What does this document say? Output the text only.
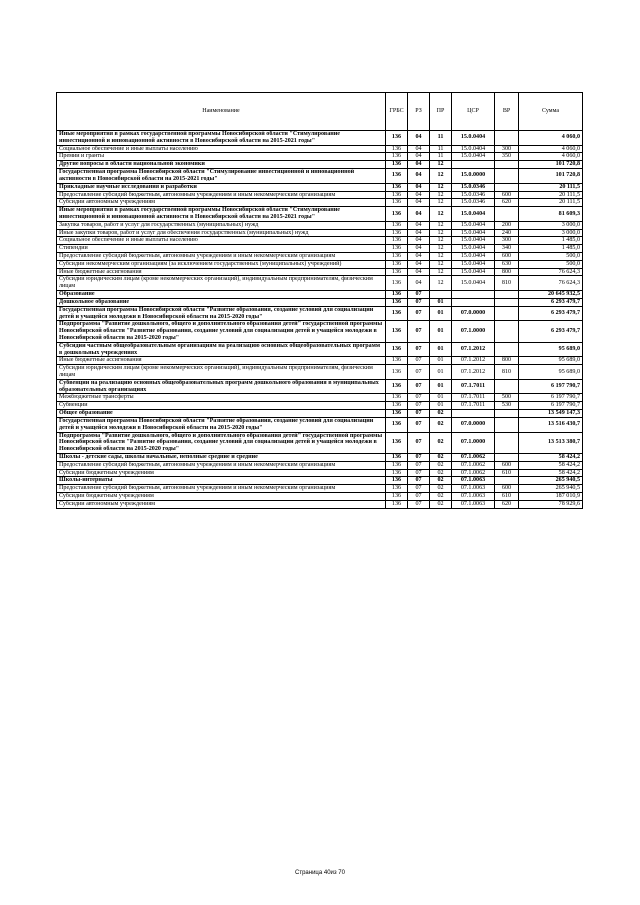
Наименование	ГРБС	РЗ	ПР	ЦСР	ВР	Сумма
Иные мероприятия в рамках государственной программы Новосибирской области "Стимулирование инвестиционной и инновационной активности в Новосибирской области на 2015-2021 годы"	136	04	11	15.0.0404		4 060,0
Социальное обеспечение и иные выплаты населению	136	04	11	15.0.0404	300	4 060,0
Премии и гранты	136	04	11	15.0.0404	350	4 060,0
Другие вопросы в области национальной экономики	136	04	12			101 720,8
Государственная программа Новосибирской области "Стимулирование инвестиционной и инновационной активности в Новосибирской области на 2015-2021 годы"	136	04	12	15.0.0000		101 720,8
Прикладные научные исследования и разработки	136	04	12	15.0.0346		20 111,5
Предоставление субсидий бюджетным, автономным учреждениям и иным некоммерческим организациям	136	04	12	15.0.0346	600	20 111,5
Субсидии автономным учреждениям	136	04	12	15.0.0346	620	20 111,5
Иные мероприятия в рамках государственной программы Новосибирской области "Стимулирование инвестиционной и инновационной активности в Новосибирской области на 2015-2021 годы"	136	04	12	15.0.0404		81 609,3
Закупка товаров, работ и услуг для государственных (муниципальных) нужд	136	04	12	15.0.0404	200	3 000,0
Иные закупки товаров, работ и услуг для обеспечения государственных (муниципальных) нужд	136	04	12	15.0.0404	240	3 000,0
Социальное обеспечение и иные выплаты населению	136	04	12	15.0.0404	300	1 485,0
Стипендии	136	04	12	15.0.0404	340	1 485,0
Предоставление субсидий бюджетным, автономным учреждениям и иным некоммерческим организациям	136	04	12	15.0.0404	600	500,0
Субсидии некоммерческим организациям (за исключением государственных (муниципальных) учреждений)	136	04	12	15.0.0404	630	500,0
Иные бюджетные ассигнования	136	04	12	15.0.0404	800	76 624,3
Субсидии юридическим лицам (кроме некоммерческих организаций), индивидуальным предпринимателям, физическим лицам	136	04	12	15.0.0404	810	76 624,3
Образование	136	07				20 645 932,5
Дошкольное образование	136	07	01			6 293 479,7
Государственная программа Новосибирской области "Развитие образования, создание условий для социализации детей и учащейся молодежи в Новосибирской области на 2015-2020 годы"	136	07	01	07.0.0000		6 293 479,7
Подпрограмма "Развитие дошкольного, общего и дополнительного образования детей" государственной программы Новосибирской области "Развитие образования, создание условий для социализации детей и учащейся молодежи в Новосибирской области на 2015-2020 годы"	136	07	01	07.1.0000		6 293 479,7
Субсидии частным общеобразовательным организациям на реализацию основных общеобразовательных программ в дошкольных учреждениях	136	07	01	07.1.2012		95 689,0
Иные бюджетные ассигнования	136	07	01	07.1.2012	800	95 689,0
Субсидии юридическим лицам (кроме некоммерческих организаций), индивидуальным предпринимателям, физическим лицам	136	07	01	07.1.2012	810	95 689,0
Субвенции на реализацию основных общеобразовательных программ дошкольного образования в муниципальных образовательных организациях	136	07	01	07.1.7011		6 197 790,7
Межбюджетные трансферты	136	07	01	07.1.7011	500	6 197 790,7
Субвенции	136	07	01	07.1.7011	530	6 197 790,7
Общее образование	136	07	02			13 549 147,3
Государственная программа Новосибирской области "Развитие образования, создание условий для социализации детей и учащейся молодежи в Новосибирской области на 2015-2020 годы"	136	07	02	07.0.0000		13 516 430,7
Подпрограмма "Развитие дошкольного, общего и дополнительного образования детей" государственной программы Новосибирской области "Развитие образования, создание условий для социализации детей и учащейся молодежи в Новосибирской области на 2015-2020 годы"	136	07	02	07.1.0000		13 513 380,7
Школы - детские сады, школы начальные, неполные средние и средние	136	07	02	07.1.0062		58 424,2
Предоставление субсидий бюджетным, автономным учреждениям и иным некоммерческим организациям	136	07	02	07.1.0062	600	58 424,2
Субсидии бюджетным учреждениям	136	07	02	07.1.0062	610	58 424,2
Школы-интернаты	136	07	02	07.1.0063		265 940,5
Предоставление субсидий бюджетным, автономным учреждениям и иным некоммерческим организациям	136	07	02	07.1.0063	600	265 940,5
Субсидии бюджетным учреждениям	136	07	02	07.1.0063	610	187 010,9
Субсидии автономным учреждениям	136	07	02	07.1.0063	620	78 929,6
Страница 40из 70
